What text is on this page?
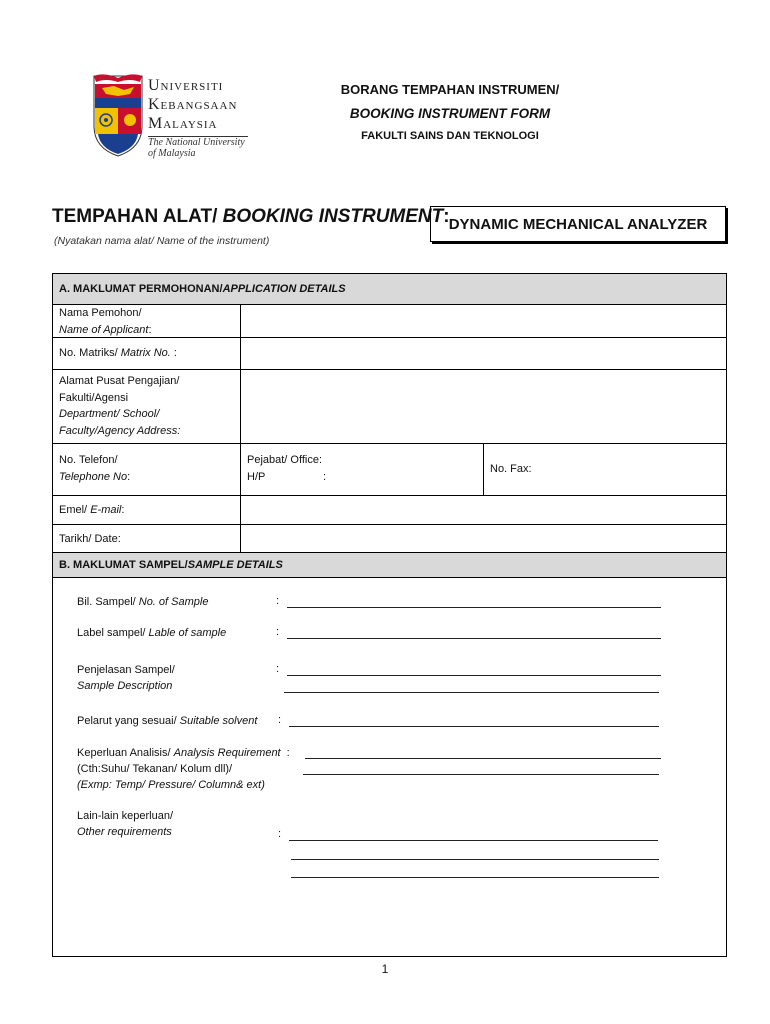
Universiti
Kebangsaan
Malaysia
The National University
of Malaysia
BORANG TEMPAHAN INSTRUMEN/
BOOKING INSTRUMENT FORM
FAKULTI SAINS DAN TEKNOLOGI
TEMPAHAN ALAT/ BOOKING INSTRUMENT:
(Nyatakan nama alat/ Name of the instrument)
DYNAMIC MECHANICAL ANALYZER
A. MAKLUMAT PERMOHONAN/ APPLICATION DETAILS
Nama Pemohon/
Name of Applicant:
No. Matriks/ Matrix No. :
Alamat Pusat Pengajian/
Fakulti/Agensi
Department/ School/
Faculty/Agency Address:
No. Telefon/
Telephone No:
Pejabat/ Office:
H/P	:
No. Fax:
Emel/ E-mail:
Tarikh/ Date:
B. MAKLUMAT SAMPEL/ SAMPLE DETAILS
Bil. Sampel/ No. of Sample	:
Label sampel/ Lable of sample	:
Penjelasan Sampel/
Sample Description
:
Pelarut yang sesuai/ Suitable solvent :
Keperluan Analisis/ Analysis Requirement :
(Cth:Suhu/ Tekanan/ Kolum dll)/
(Exmp: Temp/ Pressure/ Column& ext)
Lain-lain keperluan/
Other requirements	:
1
